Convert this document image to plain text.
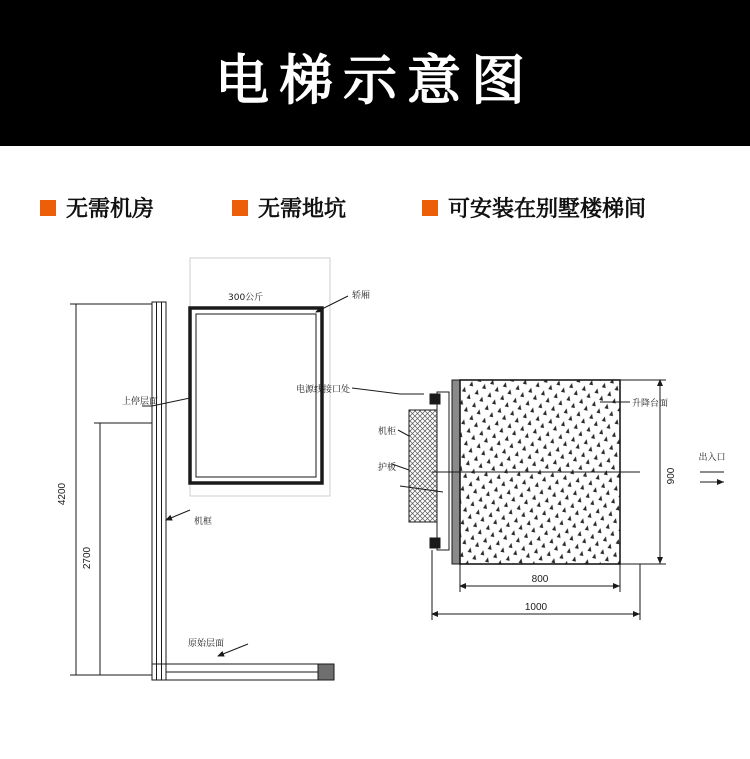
电梯示意图
无需机房	无需地坑	可安装在别墅楼梯间
4200
2700
300公斤	轿厢
上停层面
机框
原始层面
电源线接口处
机柜
护板
升降台面
出入口
900
800
1000
